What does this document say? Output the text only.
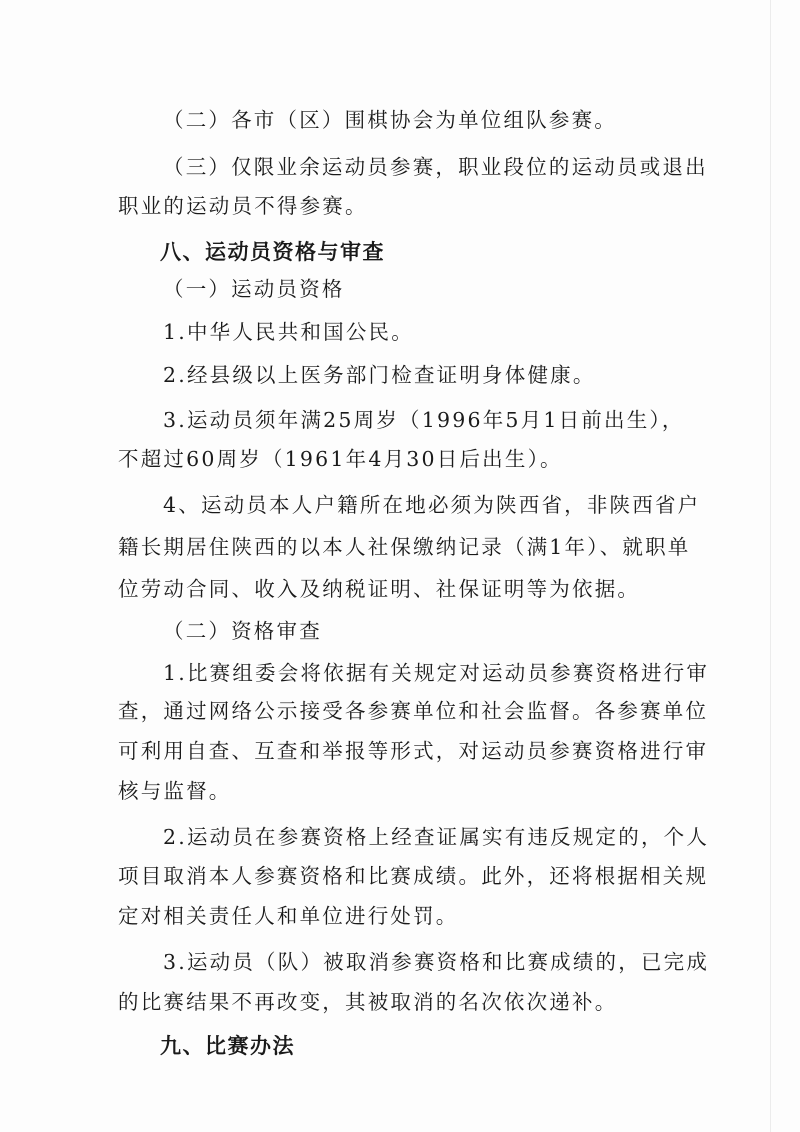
（二）各市（区）围棋协会为单位组队参赛。
（三）仅限业余运动员参赛，职业段位的运动员或退出
职业的运动员不得参赛。
八、运动员资格与审查
（一）运动员资格
1.中华人民共和国公民。
2.经县级以上医务部门检查证明身体健康。
3.运动员须年满25周岁（1996年5月1日前出生），
不超过60周岁（1961年4月30日后出生）。
4、运动员本人户籍所在地必须为陕西省，非陕西省户
籍长期居住陕西的以本人社保缴纳记录（满1年）、就职单
位劳动合同、收入及纳税证明、社保证明等为依据。
（二）资格审查
1.比赛组委会将依据有关规定对运动员参赛资格进行审
查，通过网络公示接受各参赛单位和社会监督。各参赛单位
可利用自查、互查和举报等形式，对运动员参赛资格进行审
核与监督。
2.运动员在参赛资格上经查证属实有违反规定的，个人
项目取消本人参赛资格和比赛成绩。此外，还将根据相关规
定对相关责任人和单位进行处罚。
3.运动员（队）被取消参赛资格和比赛成绩的，已完成
的比赛结果不再改变，其被取消的名次依次递补。
九、比赛办法
